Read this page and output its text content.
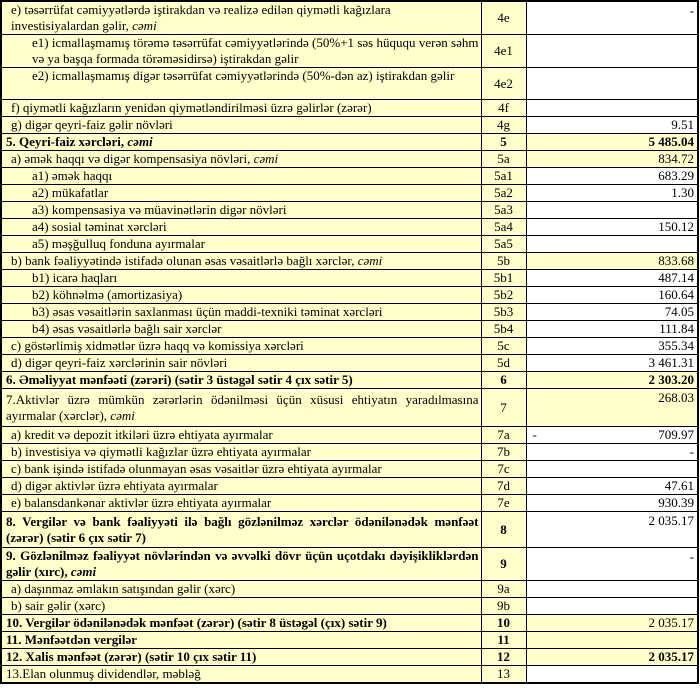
e) təsərrüfat cəmiyyətlərdə iştirakdan və realizə edilən qiymətli kağızlara investisiyalardan gəlir, cəmi	4e	-
e1) icmallaşmamış törəmə təsərrüfat cəmiyyətlərində (50%+1 səs hüququ verən səhm və ya başqa formada törəməsidirsə) iştirakdan gəlir	4e1	
e2) icmallaşmamış digər təsərrüfat cəmiyyətlərində (50%-dən az) iştirakdan gəlir	4e2	
f) qiymətli kağızların yenidən qiymətləndirilməsi üzrə gəlirlər (zərər)	4f	
g) digər qeyri-faiz gəlir növləri	4g	9.51
5. Qeyri-faiz xərcləri, cəmi	5	5 485.04
a) əmək haqqı və digər kompensasiya növləri, cəmi	5a	834.72
a1) əmək haqqı	5a1	683.29
a2) mükafatlar	5a2	1.30
a3) kompensasiya və müavinətlərin digər növləri	5a3	
a4) sosial təminat xərcləri	5a4	150.12
a5) məşğulluq fonduna ayırmalar	5a5	
b) bank fəaliyyətində istifadə olunan əsas vəsaitlərlə bağlı xərclər, cəmi	5b	833.68
b1) icarə haqları	5b1	487.14
b2) köhnəlmə (amortizasiya)	5b2	160.64
b3) əsas vəsaitlərin saxlanması üçün maddi-texniki təminat xərcləri	5b3	74.05
b4) əsas vəsaitlərlə bağlı sair xərclər	5b4	111.84
c) göstərlimiş xidmətlər üzrə haqq və komissiya xərcləri	5c	355.34
d) digər qeyri-faiz xərclərinin sair növləri	5d	3 461.31
6. Əməliyyat mənfəəti (zərəri) (sətir 3 üstəgəl sətir 4 çıx sətir 5)	6	2 303.20
7.Aktivlər üzrə mümkün zərərlərin ödənilməsi üçün xüsusi ehtiyatın yaradılmasına ayırmalar (xərclər), cəmi	7	268.03
a) kredit və depozit itkiləri üzrə ehtiyata ayırmalar	7a	- 709.97
b) investisiya və qiymətli kağızlar üzrə ehtiyata ayırmalar	7b	-
c) bank işində istifadə olunmayan əsas vəsaitlər üzrə ehtiyata ayırmalar	7c	
d) digər aktivlər üzrə ehtiyata ayırmalar	7d	47.61
e) balansdankənar aktivlər üzrə ehtiyata ayırmalar	7e	930.39
8. Vergilər və bank fəaliyyəti ilə bağlı gözlənilməz xərclər ödənilənədək mənfəət (zərər) (sətir 6 çıx sətir 7)	8	2 035.17
9. Gözlənilməz fəaliyyət növlərindən və əvvəlki dövr üçün uçotdakı dəyişikliklərdən gəlir (xırc), cəmi	9	-
a) daşınmaz əmlakın satışından gəlir (xərc)	9a	
b) sair gəlir (xərc)	9b	
10. Vergilər ödənilənədək mənfəət (zərər) (sətir 8 üstəgəl (çıx) sətir 9)	10	2 035.17
11. Mənfəətdən vergilər	11	
12. Xalis mənfəət (zərər) (sətir 10 çıx sətir 11)	12	2 035.17
13.Elan olunmuş dividendlər, məbləğ	13	
